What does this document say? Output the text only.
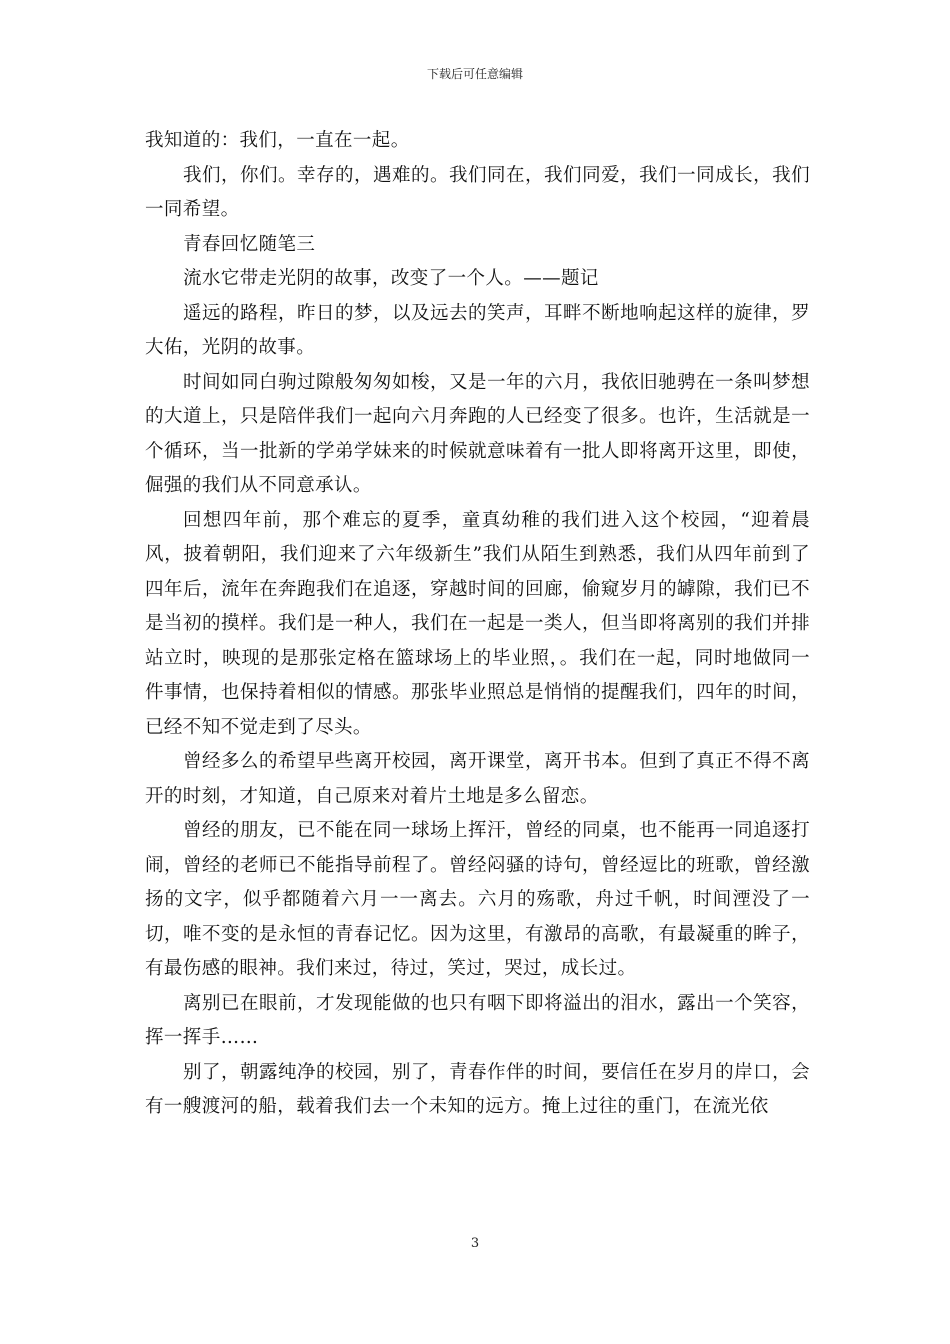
下载后可任意编辑

我知道的：我们，一直在一起。

我们，你们。幸存的，遇难的。我们同在，我们同爱，我们一同成长，我们一同希望。

青春回忆随笔三

流水它带走光阴的故事，改变了一个人。——题记

遥远的路程，昨日的梦，以及远去的笑声，耳畔不断地响起这样的旋律，罗大佑，光阴的故事。

时间如同白驹过隙般匆匆如梭，又是一年的六月，我依旧驰骋在一条叫梦想的大道上，只是陪伴我们一起向六月奔跑的人已经变了很多。也许，生活就是一个循环，当一批新的学弟学妹来的时候就意味着有一批人即将离开这里，即使，倔强的我们从不同意承认。

回想四年前，那个难忘的夏季，童真幼稚的我们进入这个校园，“迎着晨风，披着朝阳，我们迎来了六年级新生”我们从陌生到熟悉，我们从四年前到了四年后，流年在奔跑我们在追逐，穿越时间的回廊，偷窥岁月的罅隙，我们已不是当初的摸样。我们是一种人，我们在一起是一类人，但当即将离别的我们并排站立时，映现的是那张定格在篮球场上的毕业照，。我们在一起，同时地做同一件事情，也保持着相似的情感。那张毕业照总是悄悄的提醒我们，四年的时间，已经不知不觉走到了尽头。

曾经多么的希望早些离开校园，离开课堂，离开书本。但到了真正不得不离开的时刻，才知道，自己原来对着片土地是多么留恋。

曾经的朋友，已不能在同一球场上挥汗，曾经的同桌，也不能再一同追逐打闹，曾经的老师已不能指导前程了。曾经闷骚的诗句，曾经逗比的班歌，曾经激扬的文字，似乎都随着六月一一离去。六月的殇歌，舟过千帆，时间湮没了一切，唯不变的是永恒的青春记忆。因为这里，有激昂的高歌，有最凝重的眸子，有最伤感的眼神。我们来过，待过，笑过，哭过，成长过。

离别已在眼前，才发现能做的也只有咽下即将溢出的泪水，露出一个笑容，挥一挥手……

别了，朝露纯净的校园，别了，青春作伴的时间，要信任在岁月的岸口，会有一艘渡河的船，载着我们去一个未知的远方。掩上过往的重门，在流光依

3
